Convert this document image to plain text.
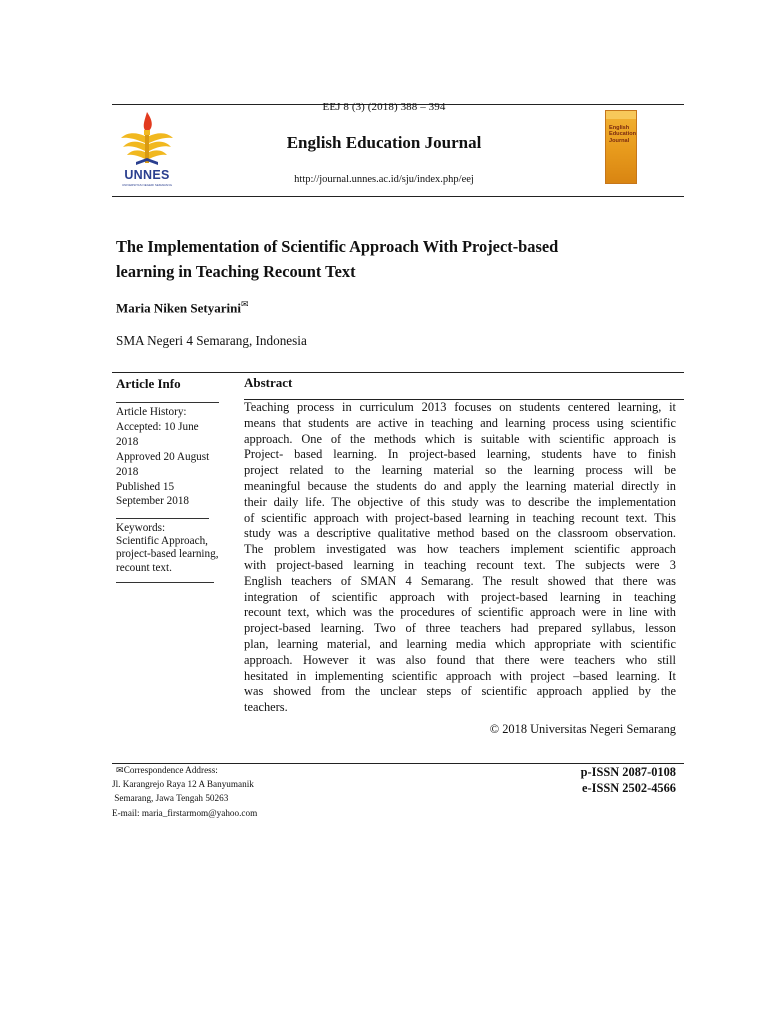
EEJ 8 (3) (2018) 388 – 394
UNNES
UNIVERSITAS NEGERI SEMARANG
English Education Journal
http://journal.unnes.ac.id/sju/index.php/eej
English Education Journal
The Implementation of Scientific Approach With Project-based
learning in Teaching Recount Text
Maria Niken Setyarini✉
SMA Negeri 4 Semarang, Indonesia
Article Info
Article History:
Accepted: 10 June
2018
Approved 20 August
2018
Published 15
September 2018
Keywords:
Scientific Approach,
project-based learning,
recount text.
Abstract
Teaching process in curriculum 2013 focuses on students centered learning, it
means that students are active in teaching and learning process using scientific
approach. One of the methods which is suitable with scientific approach is
Project- based learning. In project-based learning, students have to finish
project related to the learning material so the learning process will be
meaningful because the students do and apply the learning material directly in
their daily life. The objective of this study was to describe the implementation
of scientific approach with project-based learning in teaching recount text. This
study was a descriptive qualitative method based on the classroom observation.
The problem investigated was how teachers implement scientific approach
with project-based learning in teaching recount text. The subjects were 3
English teachers of SMAN 4 Semarang. The result showed that there was
integration of scientific approach with project-based learning in teaching
recount text, which was the procedures of scientific approach were in line with
project-based learning. Two of three teachers had prepared syllabus, lesson
plan, learning material, and learning media which appropriate with scientific
approach. However it was also found that there were teachers who still
hesitated in implementing scientific approach with project –based learning. It
was showed from the unclear steps of scientific approach applied by the
teachers.
© 2018 Universitas Negeri Semarang
✉Correspondence Address:
Jl. Karangrejo Raya 12 A Banyumanik
Semarang, Jawa Tengah 50263
E-mail: maria_firstarmom@yahoo.com
p-ISSN 2087-0108
e-ISSN 2502-4566
